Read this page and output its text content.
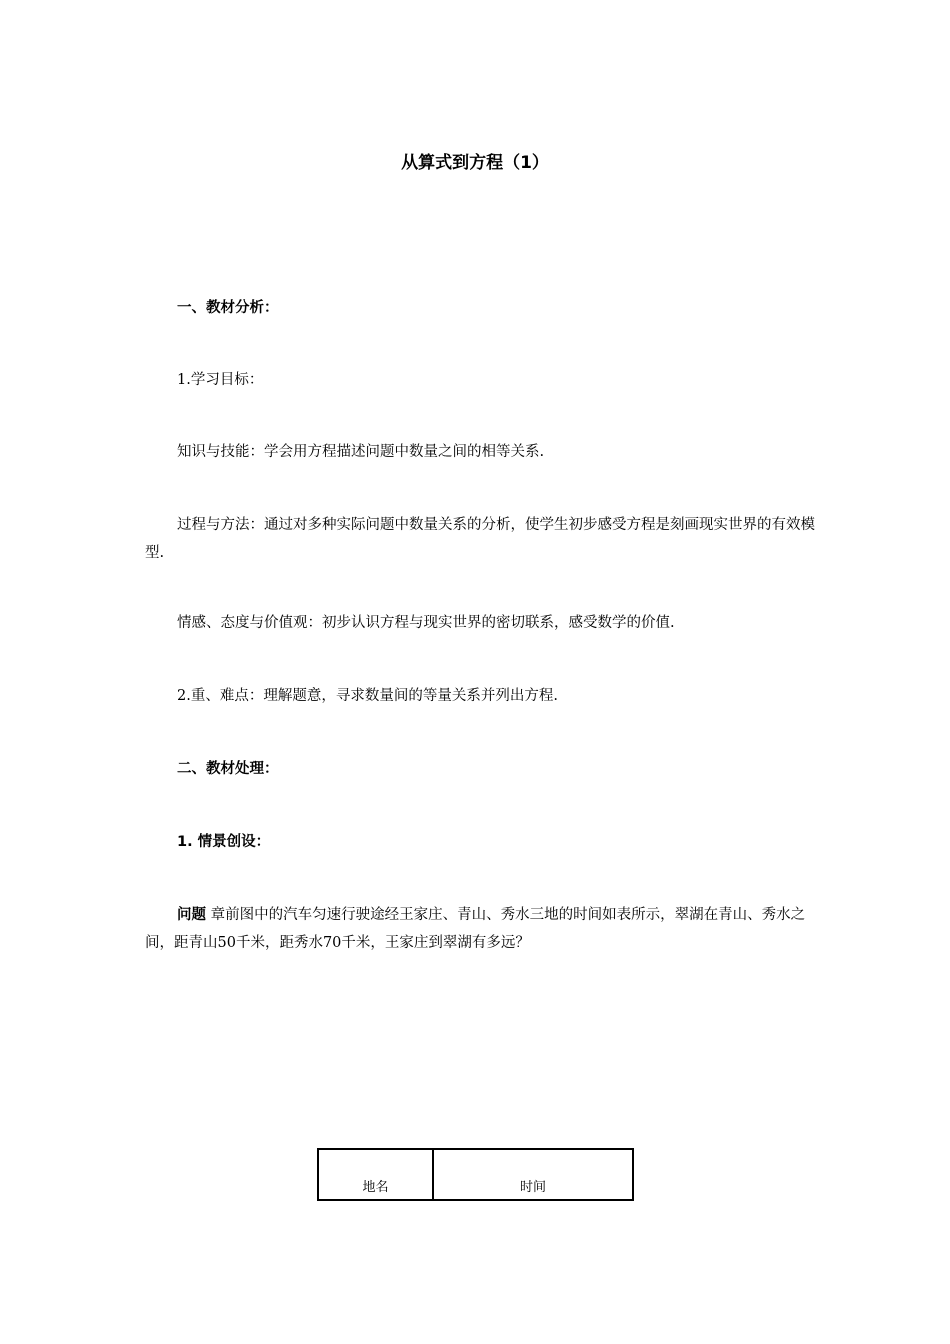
从算式到方程（1）
一、教材分析：
1.学习目标：
知识与技能：学会用方程描述问题中数量之间的相等关系.
过程与方法：通过对多种实际问题中数量关系的分析，使学生初步感受方程是刻画现实世界的有效模型.
情感、态度与价值观：初步认识方程与现实世界的密切联系，感受数学的价值.
2.重、难点：理解题意，寻求数量间的等量关系并列出方程.
二、教材处理：
1. 情景创设：
问题 章前图中的汽车匀速行驶途经王家庄、青山、秀水三地的时间如表所示，翠湖在青山、秀水之间，距青山50千米，距秀水70千米，王家庄到翠湖有多远？
地名	时间
